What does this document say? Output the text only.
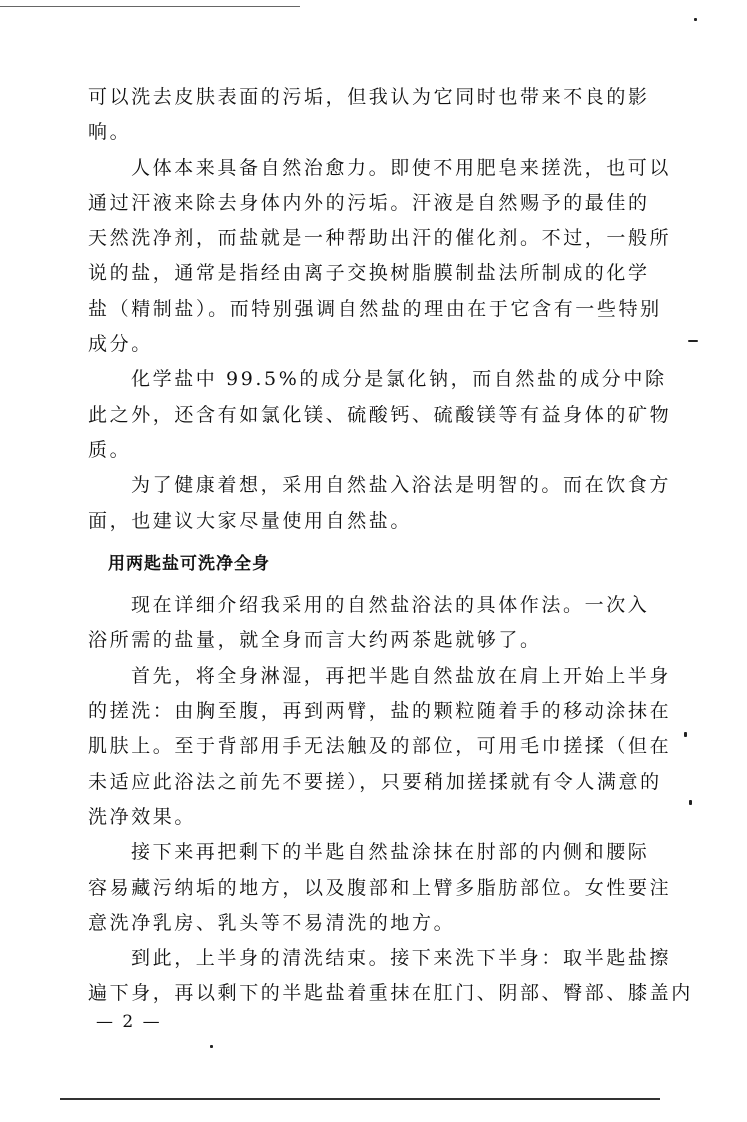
可以洗去皮肤表面的污垢，但我认为它同时也带来不良的影
响。
人体本来具备自然治愈力。即使不用肥皂来搓洗，也可以
通过汗液来除去身体内外的污垢。汗液是自然赐予的最佳的
天然洗净剂，而盐就是一种帮助出汗的催化剂。不过，一般所
说的盐，通常是指经由离子交换树脂膜制盐法所制成的化学
盐（精制盐）。而特别强调自然盐的理由在于它含有一些特别
成分。
化学盐中 99.5%的成分是氯化钠，而自然盐的成分中除
此之外，还含有如氯化镁、硫酸钙、硫酸镁等有益身体的矿物
质。
为了健康着想，采用自然盐入浴法是明智的。而在饮食方
面，也建议大家尽量使用自然盐。
用两匙盐可洗净全身
现在详细介绍我采用的自然盐浴法的具体作法。一次入
浴所需的盐量，就全身而言大约两茶匙就够了。
首先，将全身淋湿，再把半匙自然盐放在肩上开始上半身
的搓洗：由胸至腹，再到两臂，盐的颗粒随着手的移动涂抹在
肌肤上。至于背部用手无法触及的部位，可用毛巾搓揉（但在
未适应此浴法之前先不要搓），只要稍加搓揉就有令人满意的
洗净效果。
接下来再把剩下的半匙自然盐涂抹在肘部的内侧和腰际
容易藏污纳垢的地方，以及腹部和上臂多脂肪部位。女性要注
意洗净乳房、乳头等不易清洗的地方。
到此，上半身的清洗结束。接下来洗下半身：取半匙盐擦
遍下身，再以剩下的半匙盐着重抹在肛门、阴部、臀部、膝盖内
— 2 —
